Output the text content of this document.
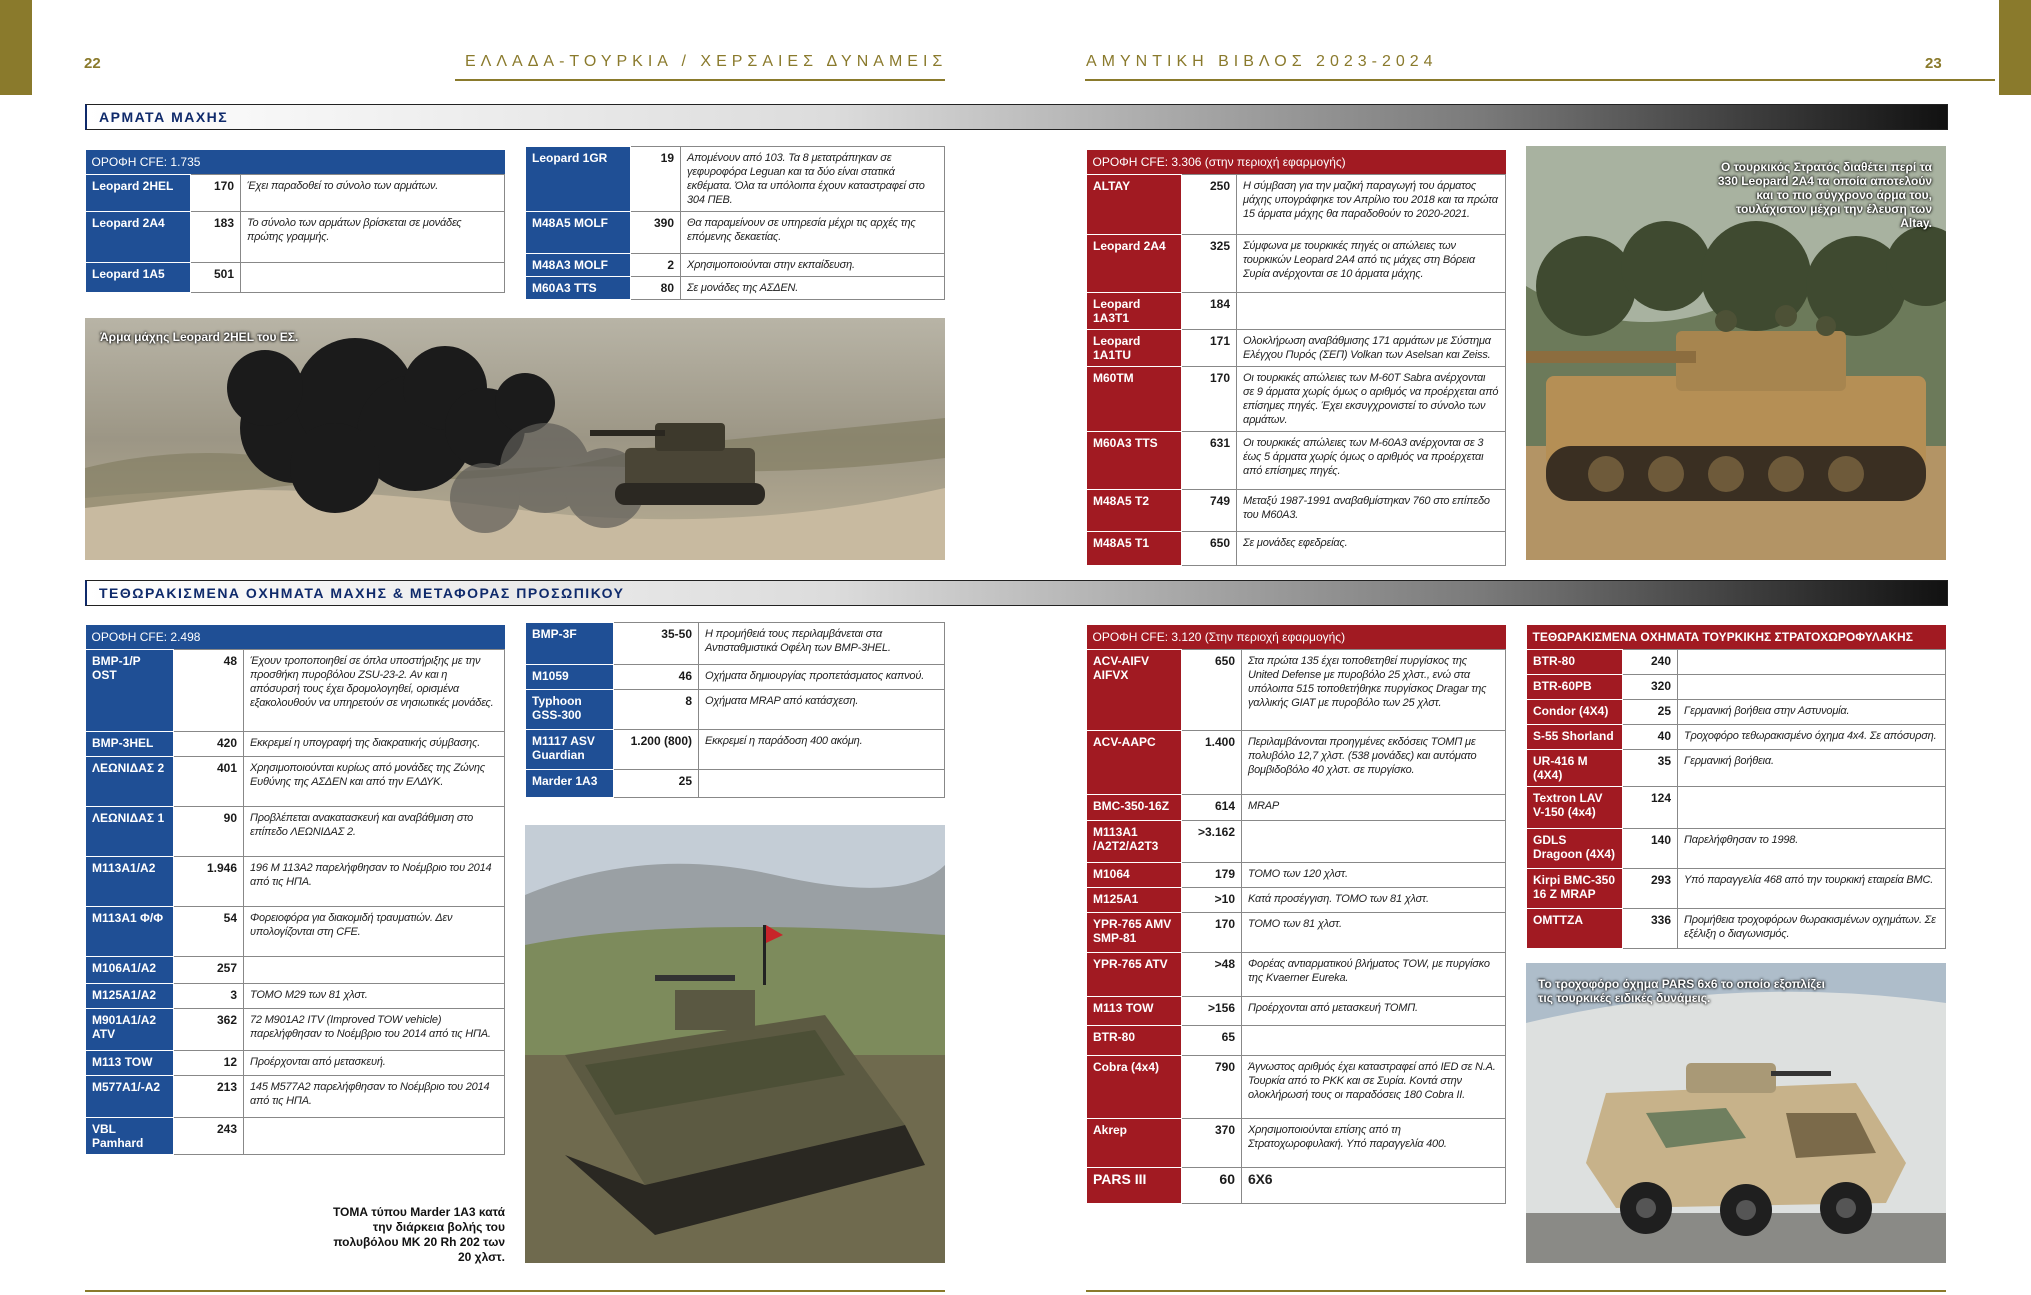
22	ΕΛΛΑΔΑ-ΤΟΥΡΚΙΑ / ΧΕΡΣΑΙΕΣ ΔΥΝΑΜΕΙΣ	ΑΜΥΝΤΙΚΗ ΒΙΒΛΟΣ 2023-2024	23
ΑΡΜΑΤΑ ΜΑΧΗΣ
ΟΡΟΦΗ CFE: 1.735		
Leopard 2HEL	170	Έχει παραδοθεί το σύνολο των αρμάτων.
Leopard 2A4	183	Το σύνολο των αρμάτων βρίσκεται σε μονάδες πρώτης γραμμής.
Leopard 1A5	501	
Leopard 1GR	19	Απομένουν από 103. Τα 8 μετατράπηκαν σε γεφυροφόρα Leguan και τα δύο είναι στατικά εκθέματα. Όλα τα υπόλοιπα έχουν καταστραφεί στο 304 ΠΕΒ.
M48A5 MOLF	390	Θα παραμείνουν σε υπηρεσία μέχρι τις αρχές της επόμενης δεκαετίας.
M48A3 MOLF	2	Χρησιμοποιούνται στην εκπαίδευση.
M60A3 TTS	80	Σε μονάδες της ΑΣΔΕΝ.
Άρμα μάχης Leopard 2HEL του ΕΣ.
ΟΡΟΦΗ CFE: 3.306 (στην περιοχή εφαρμογής)		
ALTAY	250	Η σύμβαση για την μαζική παραγωγή του άρματος μάχης υπογράφηκε τον Απρίλιο του 2018 και τα πρώτα 15 άρματα μάχης θα παραδοθούν το 2020-2021.
Leopard 2A4	325	Σύμφωνα με τουρκικές πηγές οι απώλειες των τουρκικών Leopard 2A4 από τις μάχες στη Βόρεια Συρία ανέρχονται σε 10 άρματα μάχης.
Leopard 1A3T1	184	
Leopard 1A1TU	171	Ολοκλήρωση αναβάθμισης 171 αρμάτων με Σύστημα Ελέγχου Πυρός (ΣΕΠ) Volkan των Aselsan και Zeiss.
M60TM	170	Οι τουρκικές απώλειες των M-60T Sabra ανέρχονται σε 9 άρματα χωρίς όμως ο αριθμός να προέρχεται από επίσημες πηγές. Έχει εκσυγχρονιστεί το σύνολο των αρμάτων.
M60A3 TTS	631	Οι τουρκικές απώλειες των M-60A3 ανέρχονται σε 3 έως 5 άρματα χωρίς όμως ο αριθμός να προέρχεται από επίσημες πηγές.
M48A5 T2	749	Μεταξύ 1987-1991 αναβαθμίστηκαν 760 στο επίπεδο του M60A3.
M48A5 T1	650	Σε μονάδες εφεδρείας.
Ο τουρκικός Στρατός διαθέτει περί τα 330 Leopard 2A4 τα οποία αποτελούν και το πιο σύγχρονο άρμα του, τουλάχιστον μέχρι την έλευση των Altay.
ΤΕΘΩΡΑΚΙΣΜΕΝΑ ΟΧΗΜΑΤΑ ΜΑΧΗΣ & ΜΕΤΑΦΟΡΑΣ ΠΡΟΣΩΠΙΚΟΥ
ΟΡΟΦΗ CFE: 2.498		
BMP-1/P OST	48	Έχουν τροποποιηθεί σε όπλα υποστήριξης με την προσθήκη πυροβόλου ZSU-23-2. Αν και η απόσυρσή τους έχει δρομολογηθεί, ορισμένα εξακολουθούν να υπηρετούν σε νησιωτικές μονάδες.
BMP-3HEL	420	Εκκρεμεί η υπογραφή της διακρατικής σύμβασης.
ΛΕΩΝΙΔΑΣ 2	401	Χρησιμοποιούνται κυρίως από μονάδες της Ζώνης Ευθύνης της ΑΣΔΕΝ και από την ΕΛΔΥΚ.
ΛΕΩΝΙΔΑΣ 1	90	Προβλέπεται ανακατασκευή και αναβάθμιση στο επίπεδο ΛΕΩΝΙΔΑΣ 2.
M113A1/A2	1.946	196 M 113A2 παρελήφθησαν το Νοέμβριο του 2014 από τις ΗΠΑ.
M113A1 Φ/Φ	54	Φορειοφόρα για διακομιδή τραυματιών. Δεν υπολογίζονται στη CFE.
M106A1/A2	257	
M125A1/A2	3	ΤΟΜΟ M29 των 81 χλστ.
M901A1/A2 ATV	362	72 M901A2 ITV (Improved TOW vehicle) παρελήφθησαν το Νοέμβριο του 2014 από τις ΗΠΑ.
M113 TOW	12	Προέρχονται από μετασκευή.
M577A1/-A2	213	145 M577A2 παρελήφθησαν το Νοέμβριο του 2014 από τις ΗΠΑ.
VBL Pamhard	243	
BMP-3F	35-50	Η προμήθειά τους περιλαμβάνεται στα Αντισταθμιστικά Οφέλη των BMP-3HEL.
M1059	46	Οχήματα δημιουργίας προπετάσματος καπνού.
Typhoon GSS-300	8	Οχήματα MRAP από κατάσχεση.
M1117 ASV Guardian	1.200 (800)	Εκκρεμεί η παράδοση 400 ακόμη.
Marder 1A3	25	
ΤΟΜΑ τύπου Marder 1A3 κατά την διάρκεια βολής του πολυβόλου MK 20 Rh 202 των 20 χλστ.
ΟΡΟΦΗ CFE: 3.120 (Στην περιοχή εφαρμογής)		
ACV-AIFV AIFVX	650	Στα πρώτα 135 έχει τοποθετηθεί πυργίσκος της United Defense με πυροβόλο 25 χλστ., ενώ στα υπόλοιπα 515 τοποθετήθηκε πυργίσκος Dragar της γαλλικής GIAT με πυροβόλο των 25 χλστ.
ACV-AAPC	1.400	Περιλαμβάνονται προηγμένες εκδόσεις ΤΟΜΠ με πολυβόλο 12,7 χλστ. (538 μονάδες) και αυτόματο βομβιδοβόλο 40 χλστ. σε πυργίσκο.
BMC-350-16Z	614	MRAP
M113A1 /A2T2/A2T3	>3.162	
M1064	179	ΤΟΜΟ των 120 χλστ.
M125A1	>10	Κατά προσέγγιση. ΤΟΜΟ των 81 χλστ.
YPR-765 AMV SMP-81	170	ΤΟΜΟ των 81 χλστ.
YPR-765 ATV	>48	Φορέας αντιαρματικού βλήματος TOW, με πυργίσκο της Kvaerner Eureka.
M113 TOW	>156	Προέρχονται από μετασκευή ΤΟΜΠ.
BTR-80	65	
Cobra (4x4)	790	Άγνωστος αριθμός έχει καταστραφεί από IED σε N.A. Τουρκία από το PKK και σε Συρία. Κοντά στην ολοκλήρωσή τους οι παραδόσεις 180 Cobra II.
Akrep	370	Χρησιμοποιούνται επίσης από τη Στρατοχωροφυλακή. Υπό παραγγελία 400.
PARS III	60	6X6
ΤΕΘΩΡΑΚΙΣΜΕΝΑ ΟΧΗΜΑΤΑ ΤΟΥΡΚΙΚΗΣ ΣΤΡΑΤΟΧΩΡΟΦΥΛΑΚΗΣ		
BTR-80	240	
BTR-60PB	320	
Condor (4X4)	25	Γερμανική βοήθεια στην Αστυνομία.
S-55 Shorland	40	Τροχοφόρο τεθωρακισμένο όχημα 4x4. Σε απόσυρση.
UR-416 M (4X4)	35	Γερμανική βοήθεια.
Textron LAV V-150 (4x4)	124	
GDLS Dragoon (4X4)	140	Παρελήφθησαν το 1998.
Kirpi BMC-350 16 Z MRAP	293	Υπό παραγγελία 468 από την τουρκική εταιρεία BMC.
OMTTZA	336	Προμήθεια τροχοφόρων θωρακισμένων οχημάτων. Σε εξέλιξη ο διαγωνισμός.
Το τροχοφόρο όχημα PARS 6x6 το οποίο εξοπλίζει τις τουρκικές ειδικές δυνάμεις.
